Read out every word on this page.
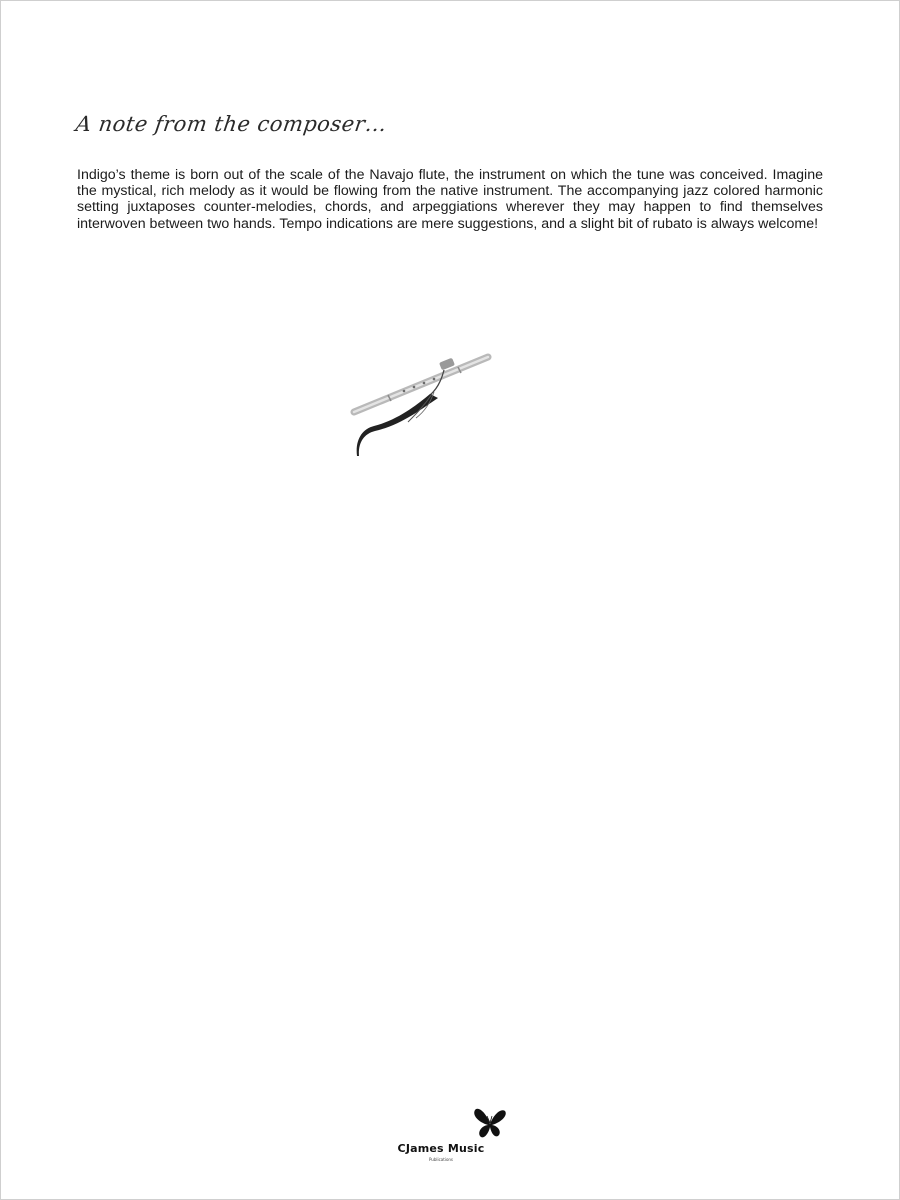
A note from the composer…

Indigo’s theme is born out of the scale of the Navajo flute, the instrument on which the tune was conceived. Imagine the mystical, rich melody as it would be flowing from the native instrument. The accompanying jazz colored harmonic setting juxtaposes counter-melodies, chords, and arpeggiations wherever they may happen to find themselves interwoven between two hands. Tempo indications are mere suggestions, and a slight bit of rubato is always welcome!

CJames Music
Publications
